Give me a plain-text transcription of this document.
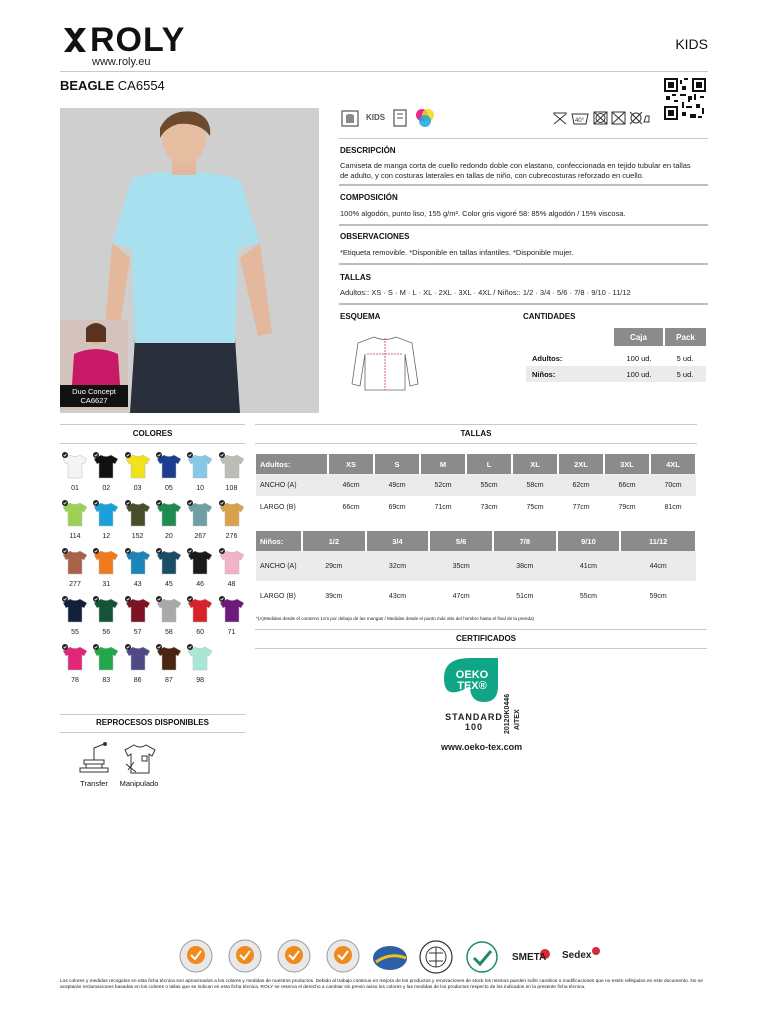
ROLY
www.roly.eu
KIDS
BEAGLE CA6554
Duo Concept
CA6627
KIDS	40°
DESCRIPCIÓN
Camiseta de manga corta de cuello redondo doble con elastano, confeccionada en tejido tubular en tallas de adulto, y con costuras laterales en tallas de niño, con cubrecosturas reforzado en cuello.
COMPOSICIÓN
100% algodón, punto liso, 155 g/m². Color gris vigoré 58: 85% algodón / 15% viscosa.
OBSERVACIONES
*Etiqueta removible. *Disponible en tallas infantiles. *Disponible mujer.
TALLAS
Adultos:: XS · S · M · L · XL · 2XL · 3XL · 4XL / Niños:: 1/2 · 3/4 · 5/6 · 7/8 · 9/10 · 11/12
ESQUEMA	CANTIDADES
	Caja	Pack

Adultos:	100 ud.	5 ud.
Niños:	100 ud.	5 ud.
COLORES
01	02	03	05	10	108
114	12	152	20	267	276
277	31	43	45	46	48
55	56	57	58	60	71
78	83	86	87	98
TALLAS
Adultos:	XS	S	M	L	XL	2XL	3XL	4XL
ANCHO (A)	46cm	49cm	52cm	55cm	58cm	62cm	66cm	70cm
LARGO (B)	66cm	69cm	71cm	73cm	75cm	77cm	79cm	81cm
Niños:	1/2	3/4	5/6	7/8	9/10	11/12
ANCHO (A)	29cm	32cm	35cm	38cm	41cm	44cm
LARGO (B)	39cm	43cm	47cm	51cm	55cm	59cm
*(A)Medidas desde el contorno 1cm por debajo de las mangas / Medidas desde el punto más alto del hombro hasta el final de la prenda)
CERTIFICADOS
OEKO
TEX®
STANDARD
100	20120K0446 AITEX
www.oeko-tex.com
REPROCESOS DISPONIBLES
Transfer	Manipulado
SMETA Sedex
Los colores y medidas recogidos en esta ficha técnica son aproximados a los colores y medidas de nuestros productos. Debido al trabajo continuo en mejora de los productos y renovaciones de stock los mismos pueden sufrir cambios o modificaciones que no estén reflejados en este documento. No se aceptarán reclamaciones basadas en los colores o tallas que se indican en esta ficha técnica. ROLY se reserva el derecho a cambiar sin previo aviso los colores y las medidas de los productos respecto de los indicados en la presente ficha técnica.
